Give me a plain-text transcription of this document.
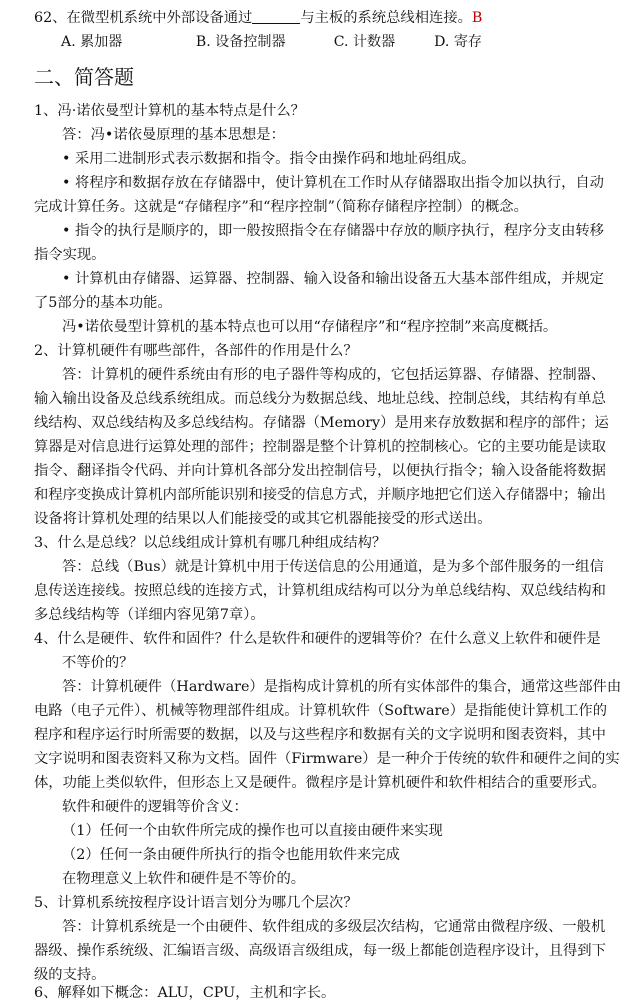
62、在微型机系统中外部设备通过	与主板的系统总线相连接。B
A. 累加器	B. 设备控制器	C. 计数器	D. 寄存
二、简答题
1、冯·诺依曼型计算机的基本特点是什么？
答：冯•诺依曼原理的基本思想是：
• 采用二进制形式表示数据和指令。指令由操作码和地址码组成。
• 将程序和数据存放在存储器中，使计算机在工作时从存储器取出指令加以执行，自动
完成计算任务。这就是“存储程序”和“程序控制”（简称存储程序控制）的概念。
• 指令的执行是顺序的，即一般按照指令在存储器中存放的顺序执行，程序分支由转移
指令实现。
• 计算机由存储器、运算器、控制器、输入设备和输出设备五大基本部件组成，并规定
了5部分的基本功能。
冯•诺依曼型计算机的基本特点也可以用“存储程序”和“程序控制”来高度概括。
2、计算机硬件有哪些部件，各部件的作用是什么？
答：计算机的硬件系统由有形的电子器件等构成的，它包括运算器、存储器、控制器、
输入输出设备及总线系统组成。而总线分为数据总线、地址总线、控制总线，其结构有单总
线结构、双总线结构及多总线结构。存储器（Memory）是用来存放数据和程序的部件；运
算器是对信息进行运算处理的部件；控制器是整个计算机的控制核心。它的主要功能是读取
指令、翻译指令代码、并向计算机各部分发出控制信号，以便执行指令；输入设备能将数据
和程序变换成计算机内部所能识别和接受的信息方式，并顺序地把它们送入存储器中；输出
设备将计算机处理的结果以人们能接受的或其它机器能接受的形式送出。
3、什么是总线？以总线组成计算机有哪几种组成结构？
答：总线（Bus）就是计算机中用于传送信息的公用通道，是为多个部件服务的一组信
息传送连接线。按照总线的连接方式，计算机组成结构可以分为单总线结构、双总线结构和
多总线结构等（详细内容见第7章）。
4、什么是硬件、软件和固件？什么是软件和硬件的逻辑等价？在什么意义上软件和硬件是
不等价的？
答：计算机硬件（Hardware）是指构成计算机的所有实体部件的集合，通常这些部件由
电路（电子元件）、机械等物理部件组成。计算机软件（Software）是指能使计算机工作的
程序和程序运行时所需要的数据，以及与这些程序和数据有关的文字说明和图表资料，其中
文字说明和图表资料又称为文档。固件（Firmware）是一种介于传统的软件和硬件之间的实
体，功能上类似软件，但形态上又是硬件。微程序是计算机硬件和软件相结合的重要形式。
软件和硬件的逻辑等价含义：
（1）任何一个由软件所完成的操作也可以直接由硬件来实现
（2）任何一条由硬件所执行的指令也能用软件来完成
在物理意义上软件和硬件是不等价的。
5、计算机系统按程序设计语言划分为哪几个层次？
答：计算机系统是一个由硬件、软件组成的多级层次结构，它通常由微程序级、一般机
器级、操作系统级、汇编语言级、高级语言级组成，每一级上都能创造程序设计，且得到下
级的支持。
6、解释如下概念：ALU，CPU，主机和字长。
